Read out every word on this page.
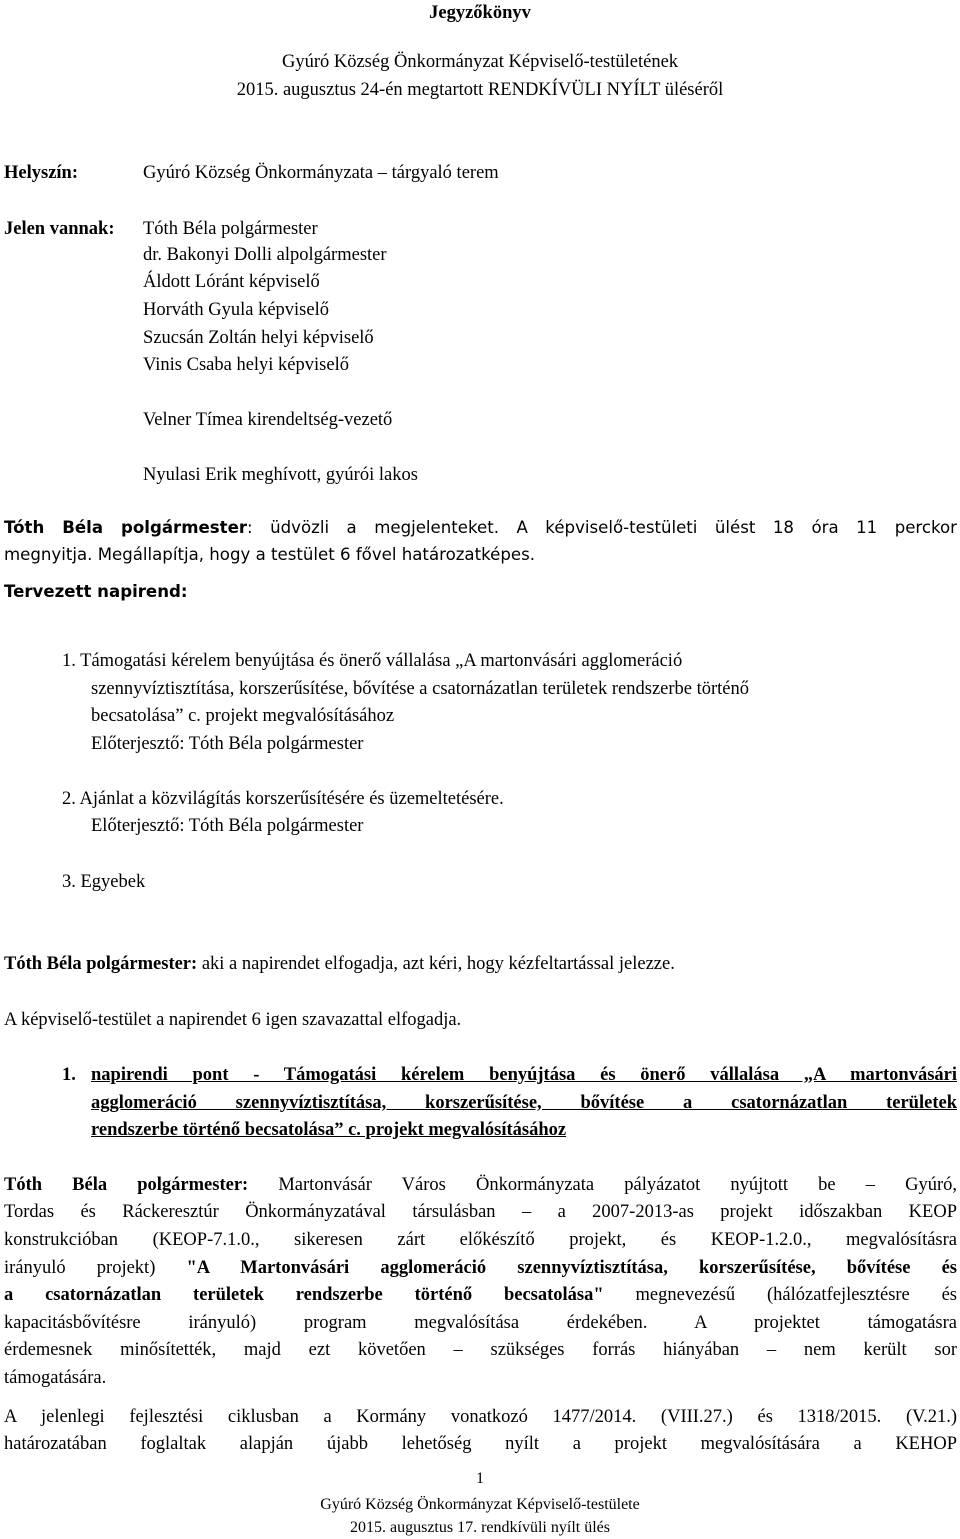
Jegyzőkönyv
Gyúró Község Önkormányzat Képviselő-testületének
2015. augusztus 24-én megtartott RENDKÍVÜLI NYÍLT üléséről
Helyszín:	Gyúró Község Önkormányzata – tárgyaló terem
Jelen vannak: Tóth Béla polgármester
dr. Bakonyi Dolli alpolgármester
Áldott Lóránt képviselő
Horváth Gyula képviselő
Szucsán Zoltán helyi képviselő
Vinis Csaba helyi képviselő
Velner Tímea kirendeltség-vezető
Nyulasi Erik meghívott, gyúrói lakos
Tóth Béla polgármester: üdvözli a megjelenteket. A képviselő-testületi ülést 18 óra 11 perckor
megnyitja. Megállapítja, hogy a testület 6 fővel határozatképes.
Tervezett napirend:
1. Támogatási kérelem benyújtása és önerő vállalása „A martonvásári agglomeráció
szennyvíztisztítása, korszerűsítése, bővítése a csatornázatlan területek rendszerbe történő
becsatolása” c. projekt megvalósításához
Előterjesztő: Tóth Béla polgármester
2. Ajánlat a közvilágítás korszerűsítésére és üzemeltetésére.
Előterjesztő: Tóth Béla polgármester
3. Egyebek
Tóth Béla polgármester: aki a napirendet elfogadja, azt kéri, hogy kézfeltartással jelezze.
A képviselő-testület a napirendet 6 igen szavazattal elfogadja.
1. napirendi pont - Támogatási kérelem benyújtása és önerő vállalása „A martonvásári
agglomeráció szennyvíztisztítása, korszerűsítése, bővítése a csatornázatlan területek
rendszerbe történő becsatolása” c. projekt megvalósításához
Tóth Béla polgármester: Martonvásár Város Önkormányzata pályázatot nyújtott be – Gyúró,
Tordas és Ráckeresztúr Önkormányzatával társulásban – a 2007-2013-as projekt időszakban KEOP
konstrukcióban (KEOP-7.1.0., sikeresen zárt előkészítő projekt, és KEOP-1.2.0., megvalósításra
irányuló projekt) "A Martonvásári agglomeráció szennyvíztisztítása, korszerűsítése, bővítése és
a csatornázatlan területek rendszerbe történő becsatolása" megnevezésű (hálózatfejlesztésre és
kapacitásbővítésre irányuló) program megvalósítása érdekében. A projektet támogatásra
érdemesnek minősítették, majd ezt követően – szükséges forrás hiányában – nem került sor
támogatására.
A jelenlegi fejlesztési ciklusban a Kormány vonatkozó 1477/2014. (VIII.27.) és 1318/2015. (V.21.)
határozatában foglaltak alapján újabb lehetőség nyílt a projekt megvalósítására a KEHOP
1
Gyúró Község Önkormányzat Képviselő-testülete
2015. augusztus 17. rendkívüli nyílt ülés
